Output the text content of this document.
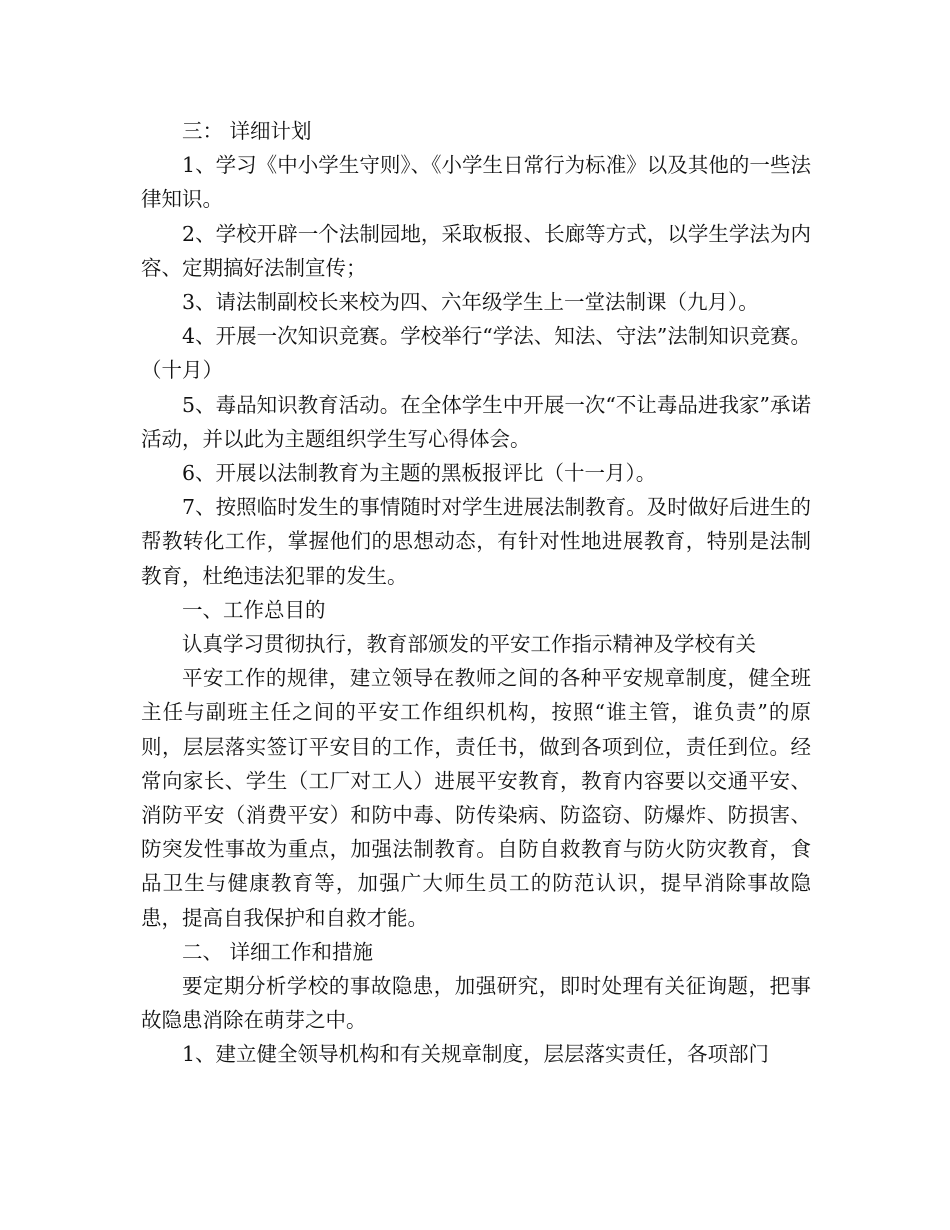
三： 详细计划

1、学习《中小学生守则》、《小学生日常行为标准》以及其他的一些法律知识。

2、学校开辟一个法制园地，采取板报、长廊等方式，以学生学法为内容、定期搞好法制宣传；

3、请法制副校长来校为四、六年级学生上一堂法制课（九月）。

4、开展一次知识竞赛。学校举行“学法、知法、守法”法制知识竞赛。（十月）

5、毒品知识教育活动。在全体学生中开展一次“不让毒品进我家”承诺活动，并以此为主题组织学生写心得体会。

6、开展以法制教育为主题的黑板报评比（十一月）。

7、按照临时发生的事情随时对学生进展法制教育。及时做好后进生的帮教转化工作，掌握他们的思想动态，有针对性地进展教育，特别是法制教育，杜绝违法犯罪的发生。

一、工作总目的

认真学习贯彻执行，教育部颁发的平安工作指示精神及学校有关

平安工作的规律，建立领导在教师之间的各种平安规章制度，健全班主任与副班主任之间的平安工作组织机构，按照“谁主管，谁负责”的原则，层层落实签订平安目的工作，责任书，做到各项到位，责任到位。经常向家长、学生（工厂对工人）进展平安教育，教育内容要以交通平安、消防平安（消费平安）和防中毒、防传染病、防盗窃、防爆炸、防损害、防突发性事故为重点，加强法制教育。自防自救教育与防火防灾教育，食品卫生与健康教育等，加强广大师生员工的防范认识，提早消除事故隐患，提高自我保护和自救才能。

二、 详细工作和措施

要定期分析学校的事故隐患，加强研究，即时处理有关征询题，把事故隐患消除在萌芽之中。

1、建立健全领导机构和有关规章制度，层层落实责任，各项部门
